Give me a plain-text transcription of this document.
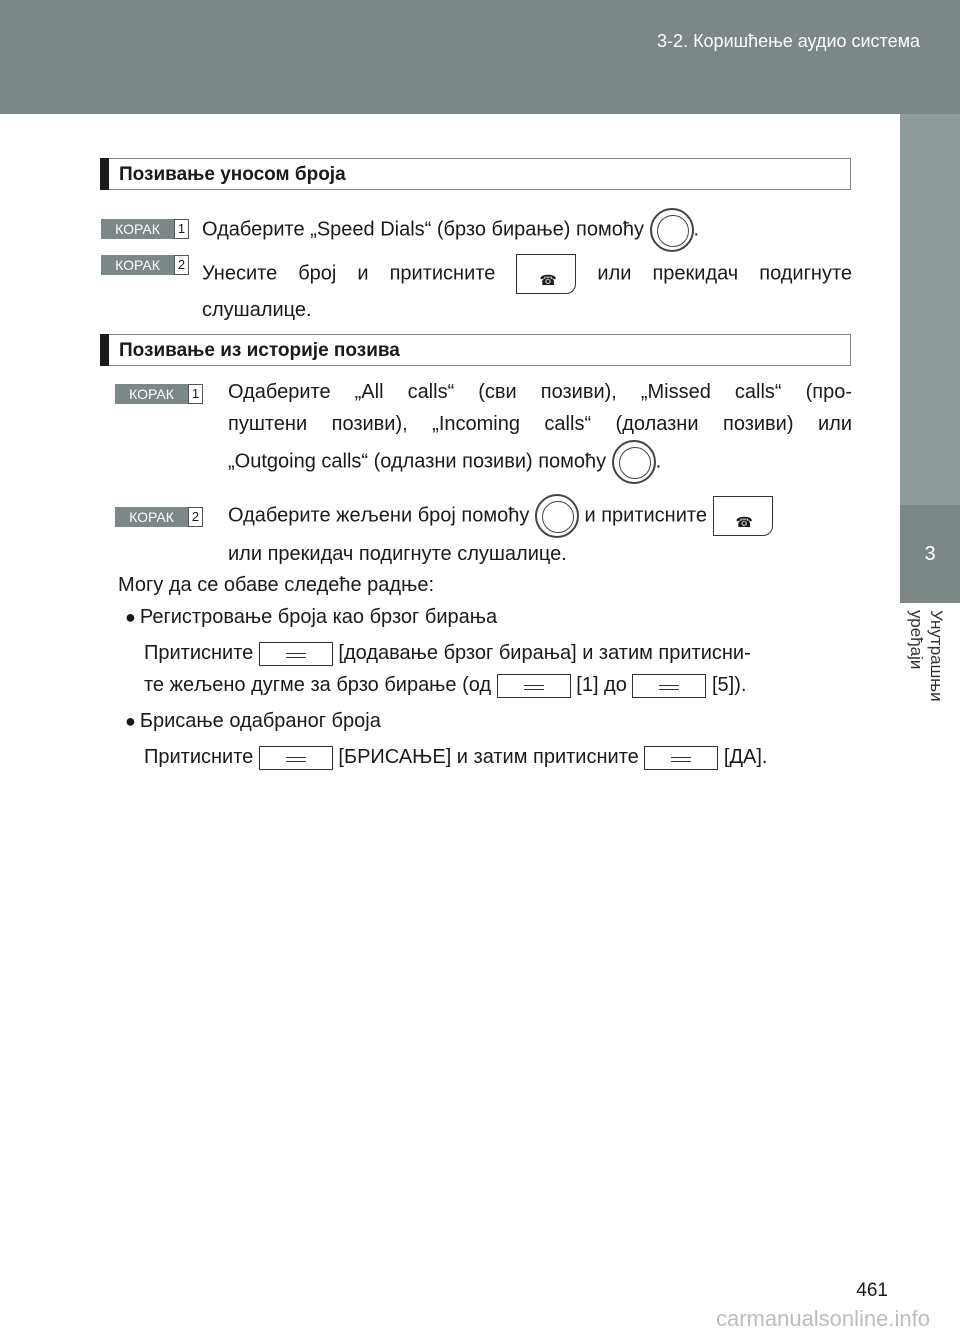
3-2. Коришћење аудио система
3
Унутрашњи уређаји
Позивање уносом броја
КОРАК	1 Одаберите „Speed Dials“ (брзо бирање) помоћу .
КОРАК	2 Унесите број и притисните ☎	или прекидач подигнуте слушалице.
Позивање из историје позива
КОРАК	1 Одаберите „All calls“ (сви позиви), „Missed calls“ (про-
пуштени позиви), „Incoming calls“ (долазни позиви) или
„Outgoing calls“ (одлазни позиви) помоћу .
КОРАК	2 Одаберите жељени број помоћу	и притисните ☎
или прекидач подигнуте слушалице.
Могу да се обаве следеће радње:
● Регистровање броја као брзог бирања
Притисните	[додавање брзог бирања] и затим притисни-
те жељено дугме за брзо бирање (од	[1] до	[5]).
● Брисање одабраног броја
Притисните	[БРИСАЊЕ] и затим притисните	[ДА].
461
carmanualsonline.info
